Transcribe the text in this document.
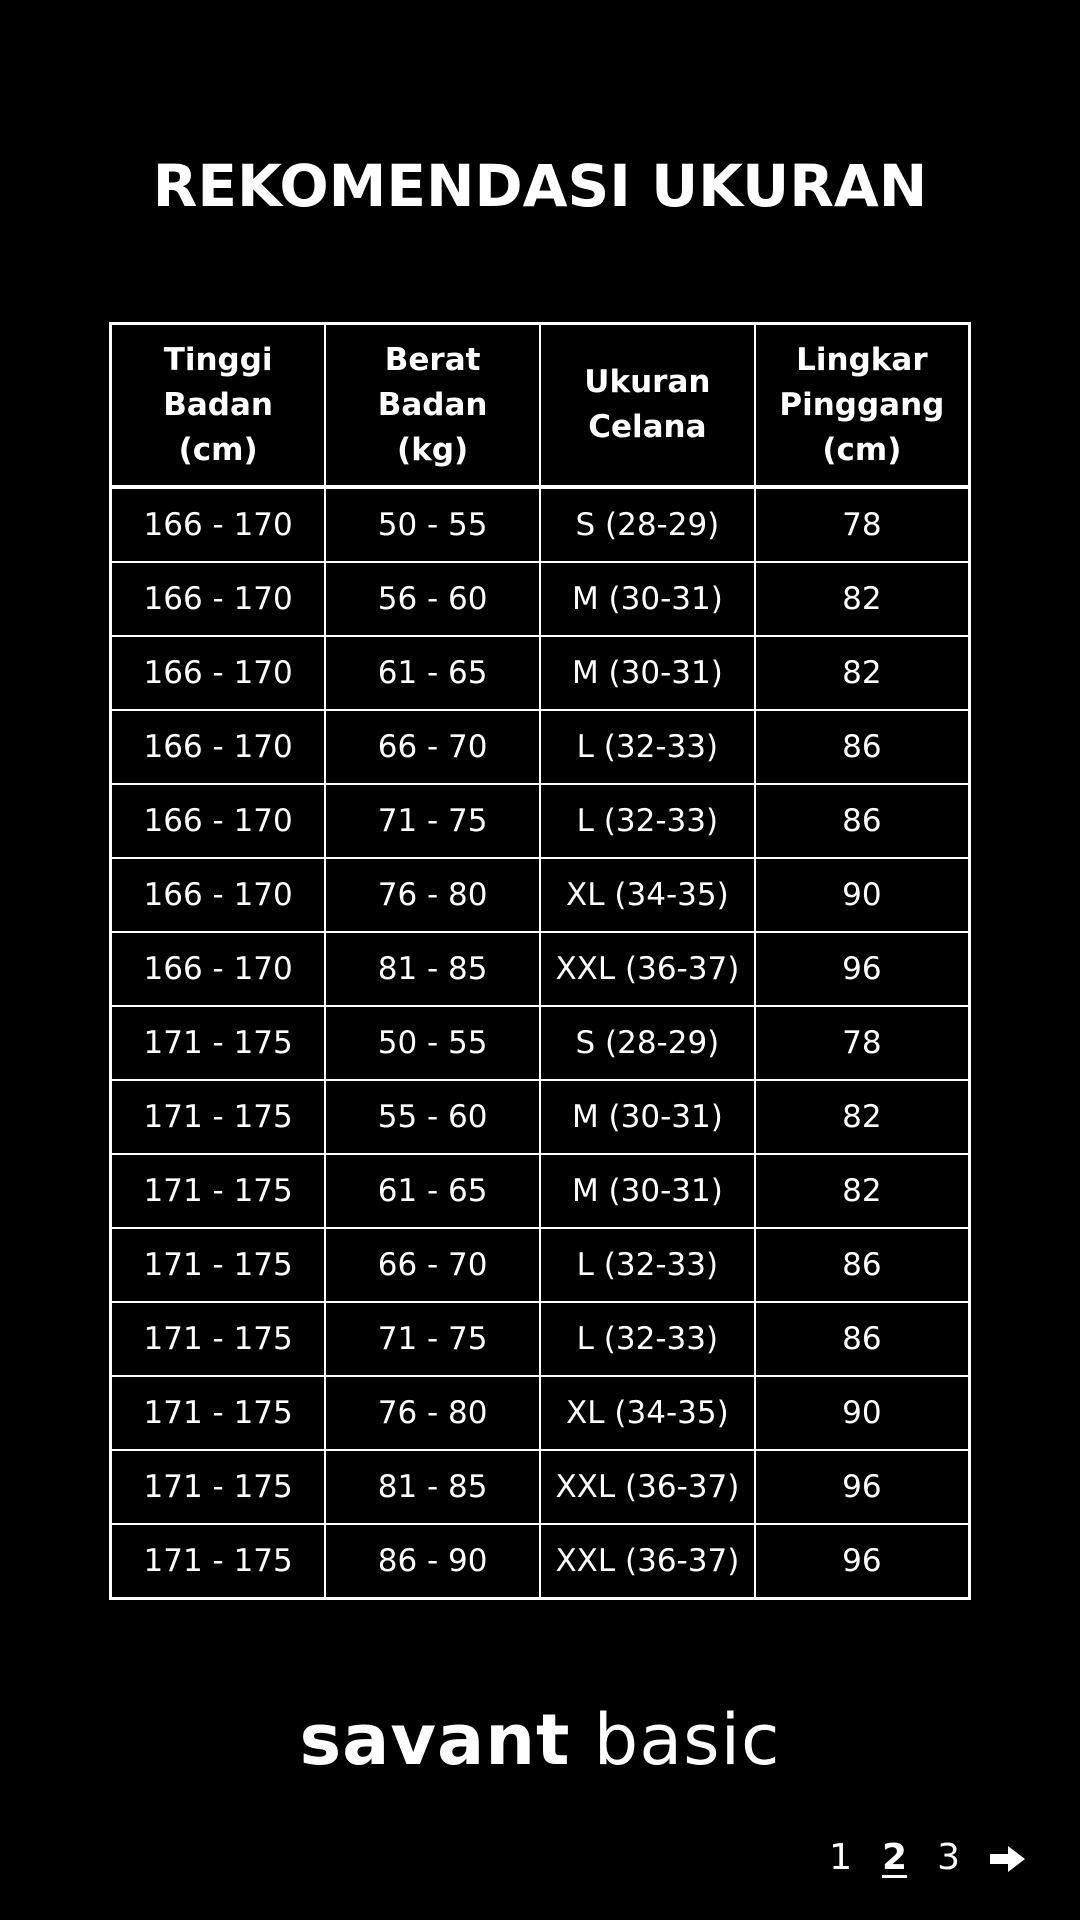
REKOMENDASI UKURAN
Tinggi
Badan
(cm)	Berat
Badan
(kg)	Ukuran
Celana	Lingkar
Pinggang
(cm)

166 - 170	50 - 55	S (28-29)	78
166 - 170	56 - 60	M (30-31)	82
166 - 170	61 - 65	M (30-31)	82
166 - 170	66 - 70	L (32-33)	86
166 - 170	71 - 75	L (32-33)	86
166 - 170	76 - 80	XL (34-35)	90
166 - 170	81 - 85	XXL (36-37)	96
171 - 175	50 - 55	S (28-29)	78
171 - 175	55 - 60	M (30-31)	82
171 - 175	61 - 65	M (30-31)	82
171 - 175	66 - 70	L (32-33)	86
171 - 175	71 - 75	L (32-33)	86
171 - 175	76 - 80	XL (34-35)	90
171 - 175	81 - 85	XXL (36-37)	96
171 - 175	86 - 90	XXL (36-37)	96
savant basic
1 2 3
